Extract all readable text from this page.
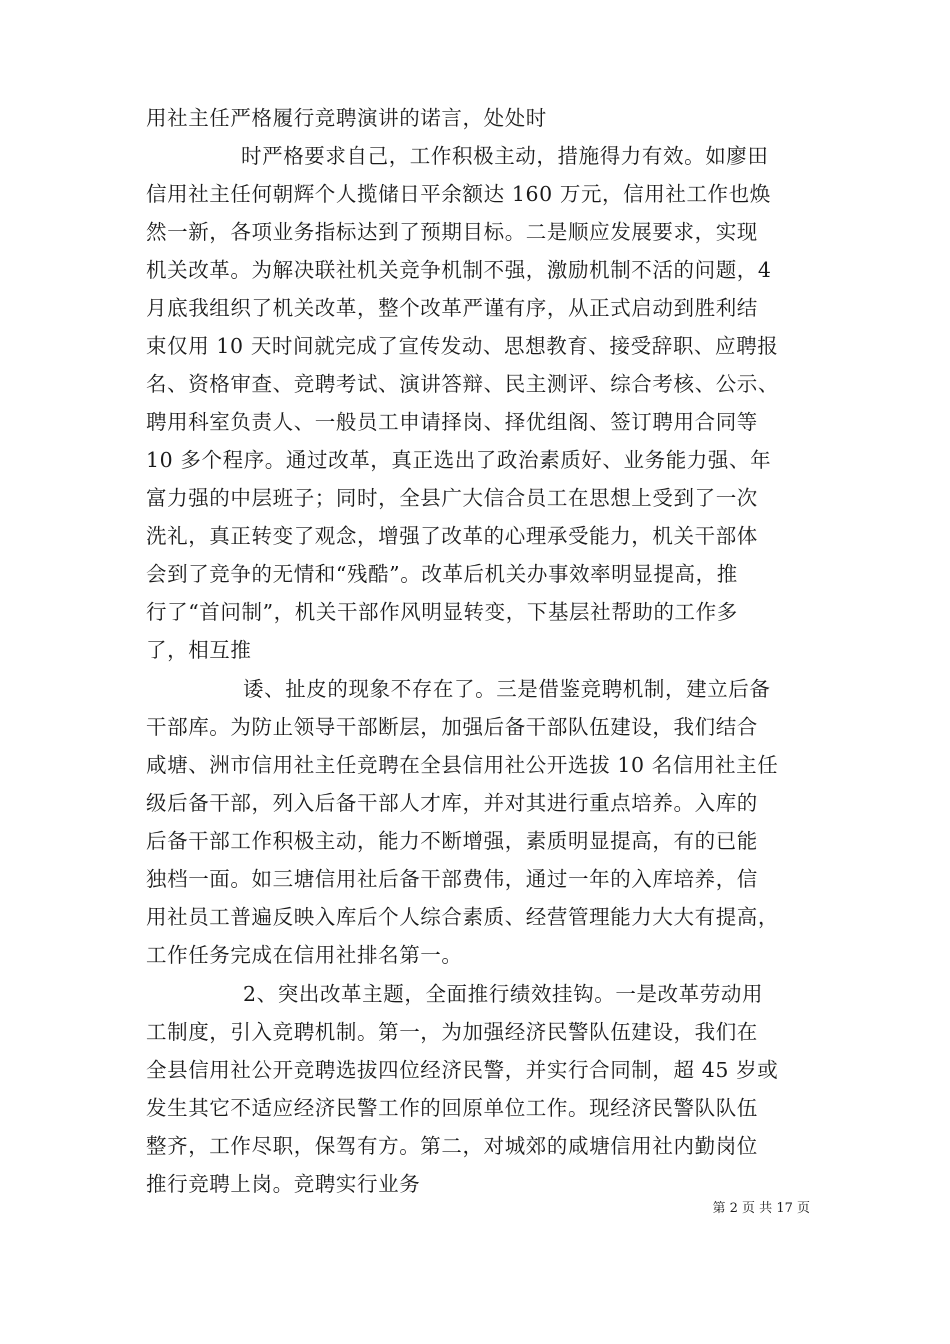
用社主任严格履行竞聘演讲的诺言，处处时
时严格要求自己，工作积极主动，措施得力有效。如廖田
信用社主任何朝辉个人揽储日平余额达 160 万元，信用社工作也焕
然一新，各项业务指标达到了预期目标。二是顺应发展要求，实现
机关改革。为解决联社机关竞争机制不强，激励机制不活的问题，4
月底我组织了机关改革，整个改革严谨有序，从正式启动到胜利结
束仅用 10 天时间就完成了宣传发动、思想教育、接受辞职、应聘报
名、资格审查、竞聘考试、演讲答辩、民主测评、综合考核、公示、
聘用科室负责人、一般员工申请择岗、择优组阁、签订聘用合同等
10 多个程序。通过改革，真正选出了政治素质好、业务能力强、年
富力强的中层班子；同时，全县广大信合员工在思想上受到了一次
洗礼，真正转变了观念，增强了改革的心理承受能力，机关干部体
会到了竞争的无情和“残酷”。改革后机关办事效率明显提高，推
行了“首问制”，机关干部作风明显转变，下基层社帮助的工作多
了，相互推
诿、扯皮的现象不存在了。三是借鉴竞聘机制，建立后备
干部库。为防止领导干部断层，加强后备干部队伍建设，我们结合
咸塘、洲市信用社主任竞聘在全县信用社公开选拔 10 名信用社主任
级后备干部，列入后备干部人才库，并对其进行重点培养。入库的
后备干部工作积极主动，能力不断增强，素质明显提高，有的已能
独档一面。如三塘信用社后备干部费伟，通过一年的入库培养，信
用社员工普遍反映入库后个人综合素质、经营管理能力大大有提高，
工作任务完成在信用社排名第一。
2、突出改革主题，全面推行绩效挂钩。一是改革劳动用
工制度，引入竞聘机制。第一，为加强经济民警队伍建设，我们在
全县信用社公开竞聘选拔四位经济民警，并实行合同制，超 45 岁或
发生其它不适应经济民警工作的回原单位工作。现经济民警队队伍
整齐，工作尽职，保驾有方。第二，对城郊的咸塘信用社内勤岗位
推行竞聘上岗。竞聘实行业务
第 2 页 共 17 页
